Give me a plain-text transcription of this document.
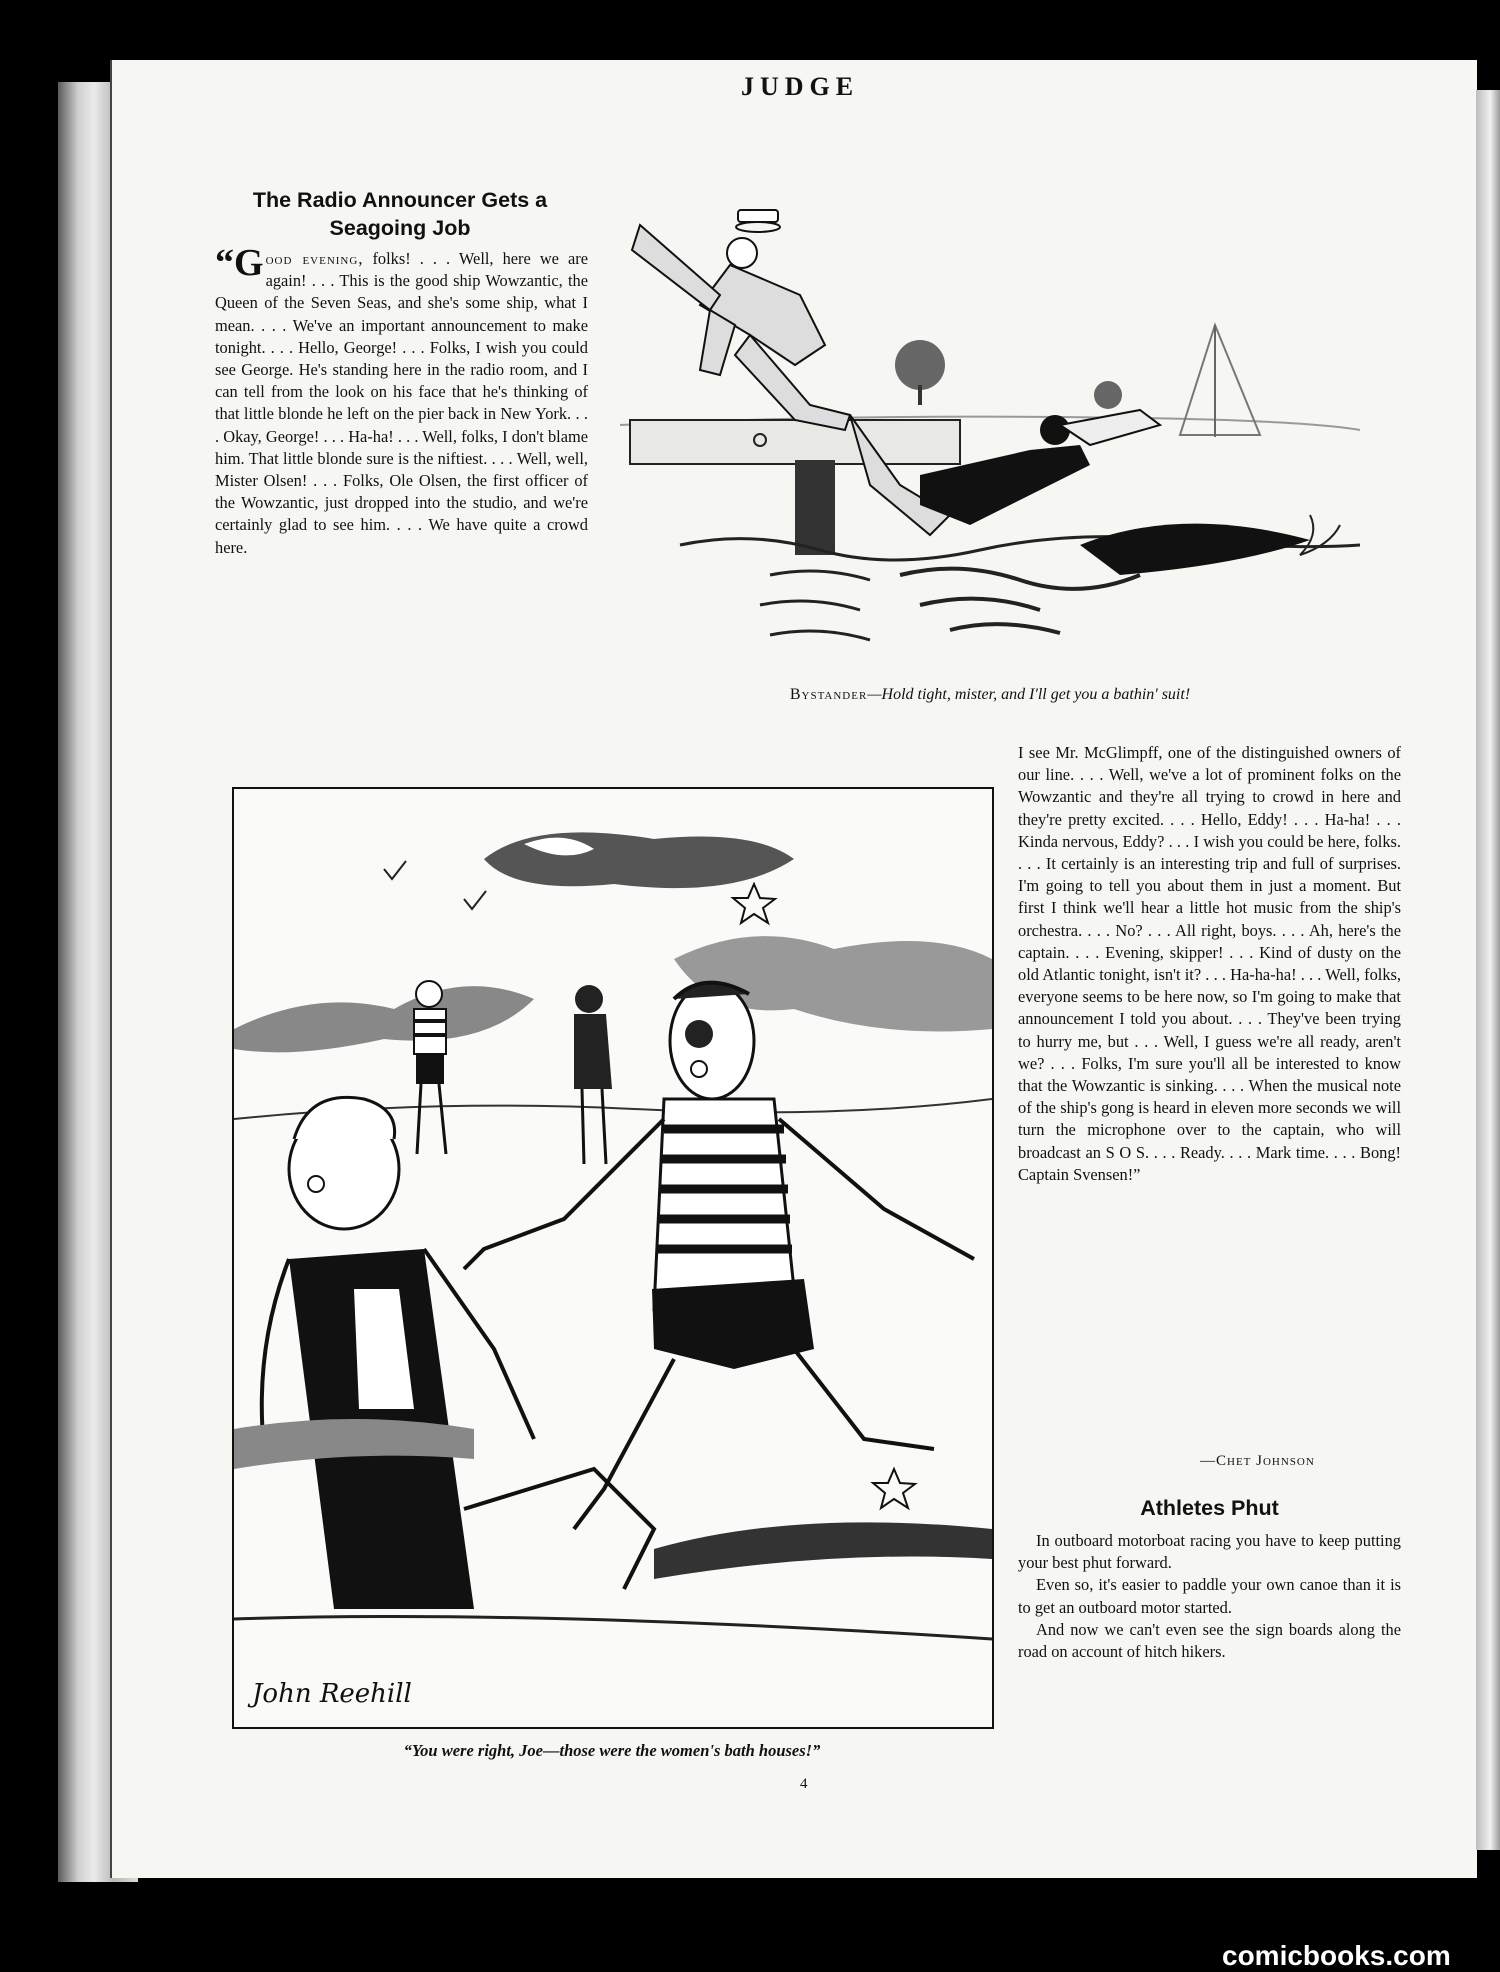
JUDGE
The Radio Announcer Gets a Seagoing Job

“G ood evening, folks! . . . Well, here we are again! . . . This is the good ship Wowzantic, the Queen of the Seven Seas, and she's some ship, what I mean. . . . We've an important announcement to make tonight. . . . Hello, George! . . . Folks, I wish you could see George. He's standing here in the radio room, and I can tell from the look on his face that he's thinking of that little blonde he left on the pier back in New York. . . . Okay, George! . . . Ha-ha! . . . Well, folks, I don't blame him. That little blonde sure is the niftiest. . . . Well, well, Mister Olsen! . . . Folks, Ole Olsen, the first officer of the Wowzantic, just dropped into the studio, and we're certainly glad to see him. . . . We have quite a crowd here.

Bystander—Hold tight, mister, and I'll get you a bathin' suit!
John Reehill
“You were right, Joe—those were the women's bath houses!”

I see Mr. McGlimpff, one of the distinguished owners of our line. . . . Well, we've a lot of prominent folks on the Wowzantic and they're all trying to crowd in here and they're pretty excited. . . . Hello, Eddy! . . . Ha-ha! . . . Kinda nervous, Eddy? . . . I wish you could be here, folks. . . . It certainly is an interesting trip and full of surprises. I'm going to tell you about them in just a moment. But first I think we'll hear a little hot music from the ship's orchestra. . . . No? . . . All right, boys. . . . Ah, here's the captain. . . . Evening, skipper! . . . Kind of dusty on the old Atlantic tonight, isn't it? . . . Ha-ha-ha! . . . Well, folks, everyone seems to be here now, so I'm going to make that announcement I told you about. . . . They've been trying to hurry me, but . . . Well, I guess we're all ready, aren't we? . . . Folks, I'm sure you'll all be interested to know that the Wowzantic is sinking. . . . When the musical note of the ship's gong is heard in eleven more seconds we will turn the microphone over to the captain, who will broadcast an S O S. . . . Ready. . . . Mark time. . . . Bong! Captain Svensen!”

—Chet Johnson
Athletes Phut

In outboard motorboat racing you have to keep putting your best phut forward.

Even so, it's easier to paddle your own canoe than it is to get an outboard motor started.

And now we can't even see the sign boards along the road on account of hitch hikers.

4
comicbooks.com
